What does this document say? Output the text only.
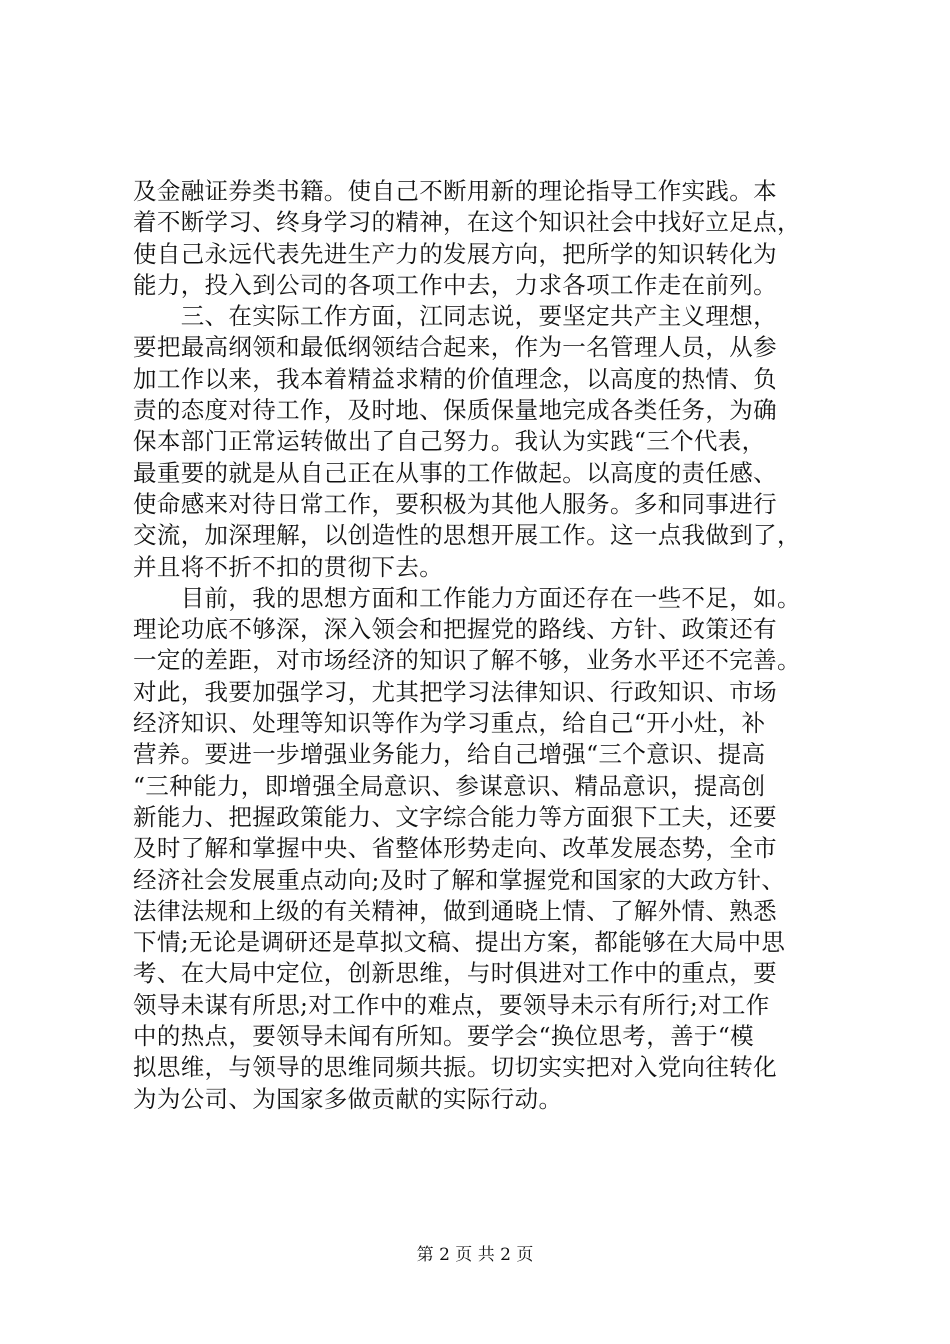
及金融证券类书籍。使自己不断用新的理论指导工作实践。本
着不断学习、终身学习的精神，在这个知识社会中找好立足点，
使自己永远代表先进生产力的发展方向，把所学的知识转化为
能力，投入到公司的各项工作中去，力求各项工作走在前列。
　　三、在实际工作方面，江同志说，要坚定共产主义理想，
要把最高纲领和最低纲领结合起来，作为一名管理人员，从参
加工作以来，我本着精益求精的价值理念，以高度的热情、负
责的态度对待工作，及时地、保质保量地完成各类任务，为确
保本部门正常运转做出了自己努力。我认为实践“三个代表，
最重要的就是从自己正在从事的工作做起。以高度的责任感、
使命感来对待日常工作，要积极为其他人服务。多和同事进行
交流，加深理解，以创造性的思想开展工作。这一点我做到了，
并且将不折不扣的贯彻下去。
　　目前，我的思想方面和工作能力方面还存在一些不足，如。
理论功底不够深，深入领会和把握党的路线、方针、政策还有
一定的差距，对市场经济的知识了解不够，业务水平还不完善。
对此，我要加强学习，尤其把学习法律知识、行政知识、市场
经济知识、处理等知识等作为学习重点，给自己“开小灶，补
营养。要进一步增强业务能力，给自己增强“三个意识、提高
“三种能力，即增强全局意识、参谋意识、精品意识，提高创
新能力、把握政策能力、文字综合能力等方面狠下工夫，还要
及时了解和掌握中央、省整体形势走向、改革发展态势，全市
经济社会发展重点动向;及时了解和掌握党和国家的大政方针、
法律法规和上级的有关精神，做到通晓上情、了解外情、熟悉
下情;无论是调研还是草拟文稿、提出方案，都能够在大局中思
考、在大局中定位，创新思维，与时俱进对工作中的重点，要
领导未谋有所思;对工作中的难点，要领导未示有所行;对工作
中的热点，要领导未闻有所知。要学会“换位思考，善于“模
拟思维，与领导的思维同频共振。切切实实把对入党向往转化
为为公司、为国家多做贡献的实际行动。
第 2 页 共 2 页
